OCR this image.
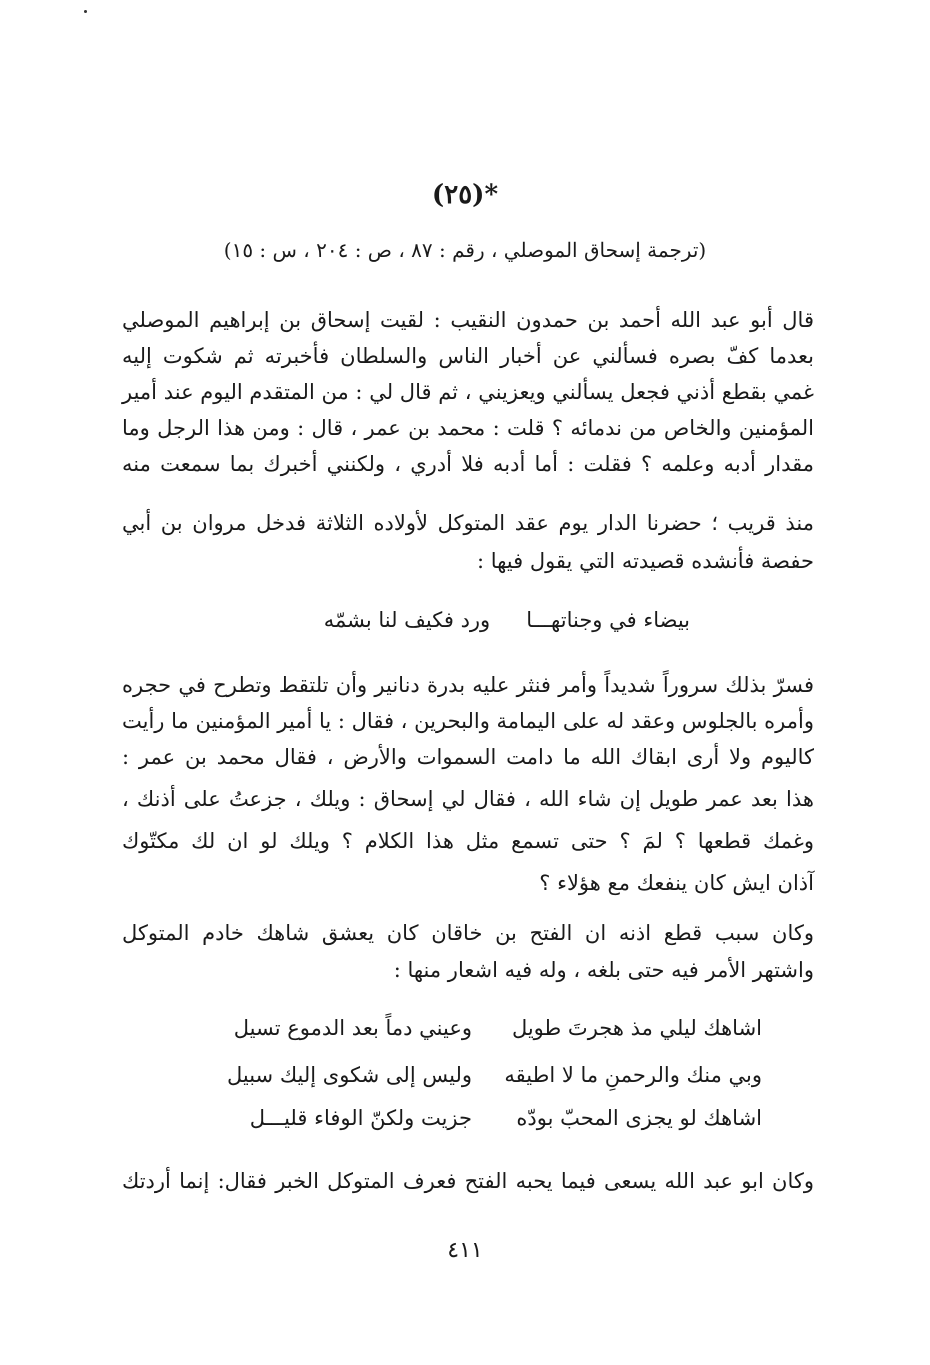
*(٢٥)
(ترجمة إسحاق الموصلي ، رقم : ٨٧ ، ص : ٢٠٤ ، س : ١٥)
قال أبو عبد الله أحمد بن حمدون النقيب : لقيت إسحاق بن إبراهيم الموصلي
بعدما كفّ بصره فسألني عن أخبار الناس والسلطان فأخبرته ثم شكوت إليه
غمي بقطع أذني فجعل يسألني ويعزيني ، ثم قال لي : من المتقدم اليوم عند أمير
المؤمنين والخاص من ندمائه ؟ قلت : محمد بن عمر ، قال : ومن هذا الرجل وما
مقدار أدبه وعلمه ؟ فقلت : أما أدبه فلا أدري ، ولكنني أخبرك بما سمعت منه
منذ قريب ؛ حضرنا الدار يوم عقد المتوكل لأولاده الثلاثة فدخل مروان بن أبي
حفصة فأنشده قصيدته التي يقول فيها :
بيضاء في وجناتهـــاورد فكيف لنا بشمّه
فسرّ بذلك سروراً شديداً وأمر فنثر عليه بدرة دنانير وأن تلتقط وتطرح في حجره
وأمره بالجلوس وعقد له على اليمامة والبحرين ، فقال : يا أمير المؤمنين ما رأيت
كاليوم ولا أرى ابقاك الله ما دامت السموات والأرض ، فقال محمد بن عمر :
هذا بعد عمر طويل إن شاء الله ، فقال لي إسحاق : ويلك ، جزعتُ على أذنك ،
وغمك قطعها ؟ لمَ ؟ حتى تسمع مثل هذا الكلام ؟ ويلك لو ان لك مكتّوك
آذان ايش كان ينفعك مع هؤلاء ؟
وكان سبب قطع اذنه ان الفتح بن خاقان كان يعشق شاهك خادم المتوكل
واشتهر الأمر فيه حتى بلغه ، وله فيه اشعار منها :
اشاهك ليلي مذ هجرتَ طويلوعيني دماً بعد الدموع تسيل
وبي منك والرحمنِ ما لا اطيقهوليس إلى شكوى إليك سبيل
اشاهك لو يجزى المحبّ بودّهجزيت ولكنّ الوفاء قليـــل
وكان ابو عبد الله يسعى فيما يحبه الفتح فعرف المتوكل الخبر فقال: إنما أردتك
٤١١
